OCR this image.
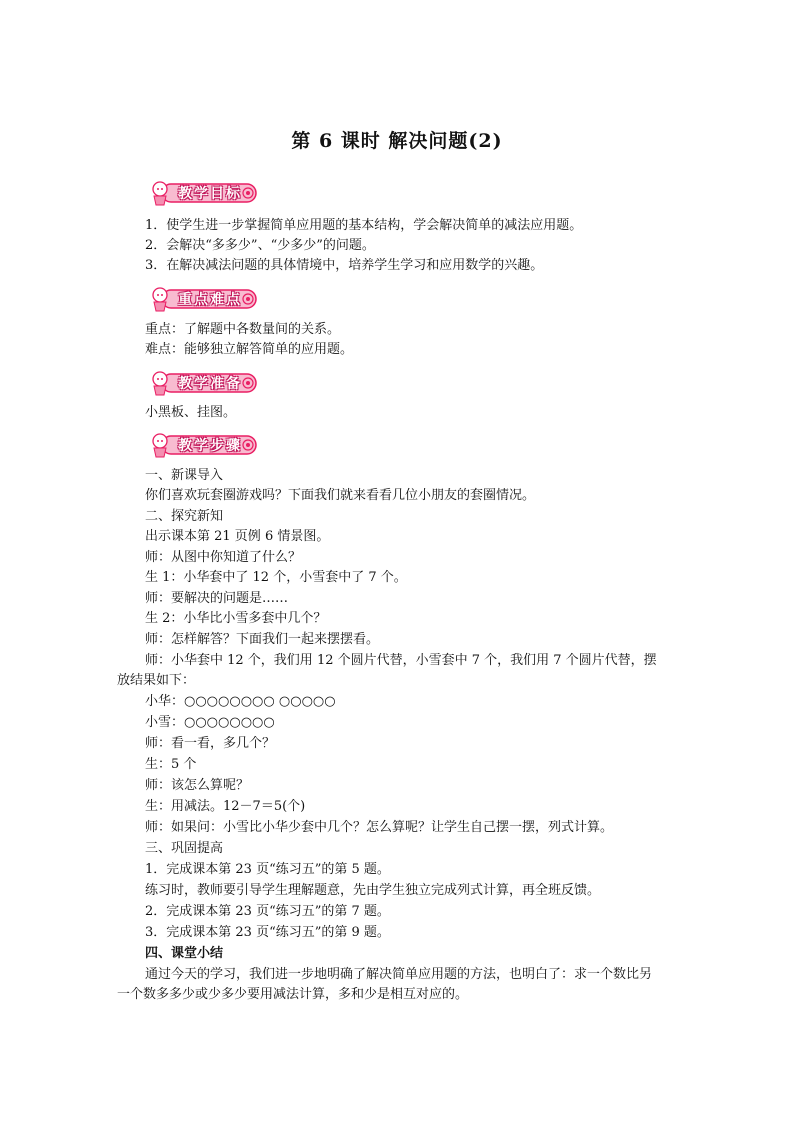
第 6 课时 解决问题(2)
教学目标
1．使学生进一步掌握简单应用题的基本结构，学会解决简单的减法应用题。
2．会解决“多多少”、“少多少”的问题。
3．在解决减法问题的具体情境中，培养学生学习和应用数学的兴趣。
重点难点
重点：了解题中各数量间的关系。
难点：能够独立解答简单的应用题。
教学准备
小黑板、挂图。
教学步骤
一、新课导入
你们喜欢玩套圈游戏吗？下面我们就来看看几位小朋友的套圈情况。
二、探究新知
出示课本第 21 页例 6 情景图。
师：从图中你知道了什么？
生 1：小华套中了 12 个，小雪套中了 7 个。
师：要解决的问题是……
生 2：小华比小雪多套中几个？
师：怎样解答？下面我们一起来摆摆看。
师：小华套中 12 个，我们用 12 个圆片代替，小雪套中 7 个，我们用 7 个圆片代替，摆放结果如下：
小华：○○○○○○○○ ○○○○○
小雪：○○○○○○○○
师：看一看，多几个？
生：5 个
师：该怎么算呢？
生：用减法。12－7＝5(个)
师：如果问：小雪比小华少套中几个？怎么算呢？让学生自己摆一摆，列式计算。
三、巩固提高
1．完成课本第 23 页“练习五”的第 5 题。
练习时，教师要引导学生理解题意，先由学生独立完成列式计算，再全班反馈。
2．完成课本第 23 页“练习五”的第 7 题。
3．完成课本第 23 页“练习五”的第 9 题。
四、课堂小结
通过今天的学习，我们进一步地明确了解决简单应用题的方法，也明白了：求一个数比另一个数多多少或少多少要用减法计算，多和少是相互对应的。
